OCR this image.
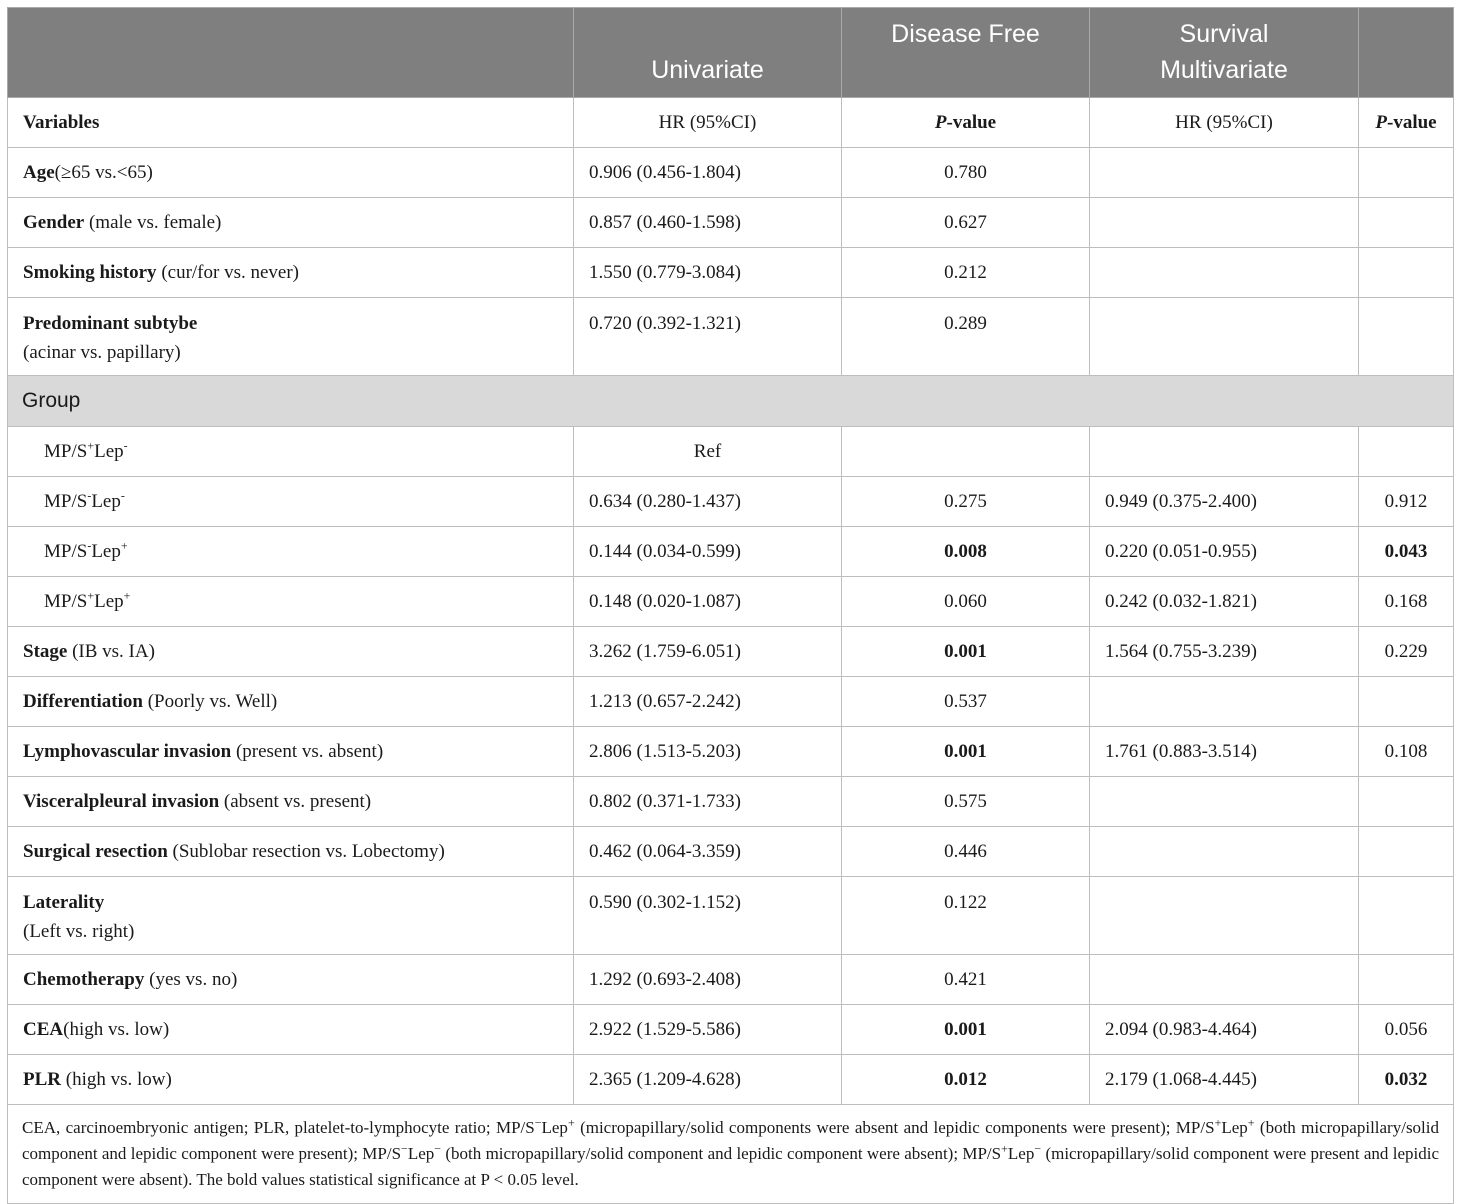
	Univariate	Disease Free	Survival
Multivariate	

Variables	HR (95%CI)	P-value	HR (95%CI)	P-value
Age(≥65 vs.<65)	0.906 (0.456-1.804)	0.780		
Gender (male vs. female)	0.857 (0.460-1.598)	0.627		
Smoking history (cur/for vs. never)	1.550 (0.779-3.084)	0.212		
Predominant subtybe
(acinar vs. papillary)	0.720 (0.392-1.321)	0.289		
Group				
MP/S+Lep-	Ref			
MP/S-Lep-	0.634 (0.280-1.437)	0.275	0.949 (0.375-2.400)	0.912
MP/S-Lep+	0.144 (0.034-0.599)	0.008	0.220 (0.051-0.955)	0.043
MP/S+Lep+	0.148 (0.020-1.087)	0.060	0.242 (0.032-1.821)	0.168
Stage (IB vs. IA)	3.262 (1.759-6.051)	0.001	1.564 (0.755-3.239)	0.229
Differentiation (Poorly vs. Well)	1.213 (0.657-2.242)	0.537		
Lymphovascular invasion (present vs. absent)	2.806 (1.513-5.203)	0.001	1.761 (0.883-3.514)	0.108
Visceralpleural invasion (absent vs. present)	0.802 (0.371-1.733)	0.575		
Surgical resection (Sublobar resection vs. Lobectomy)	0.462 (0.064-3.359)	0.446		
Laterality
(Left vs. right)	0.590 (0.302-1.152)	0.122		
Chemotherapy (yes vs. no)	1.292 (0.693-2.408)	0.421		
CEA(high vs. low)	2.922 (1.529-5.586)	0.001	2.094 (0.983-4.464)	0.056
PLR (high vs. low)	2.365 (1.209-4.628)	0.012	2.179 (1.068-4.445)	0.032
CEA, carcinoembryonic antigen; PLR, platelet-to-lymphocyte ratio; MP/S−Lep+ (micropapillary/solid components were absent and lepidic components were present); MP/S+Lep+ (both micropapillary/solid component and lepidic component were present); MP/S−Lep− (both micropapillary/solid component and lepidic component were absent); MP/S+Lep− (micropapillary/solid component were present and lepidic component were absent). The bold values statistical significance at P < 0.05 level.				
